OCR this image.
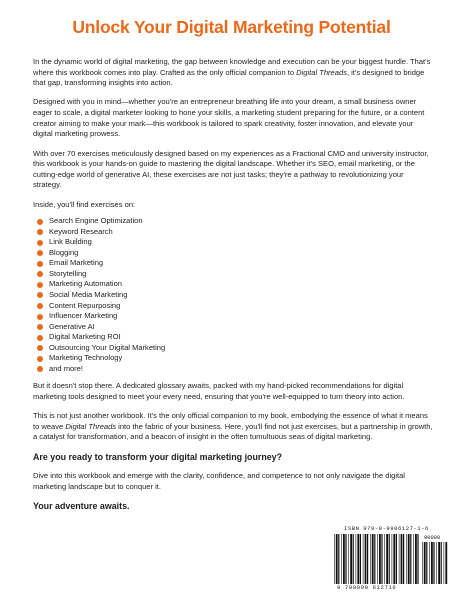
Unlock Your Digital Marketing Potential

In the dynamic world of digital marketing, the gap between knowledge and execution can be your biggest hurdle. That's where this workbook comes into play. Crafted as the only official companion to Digital Threads, it's designed to bridge that gap, transforming insights into action.

Designed with you in mind—whether you're an entrepreneur breathing life into your dream, a small business owner eager to scale, a digital marketer looking to hone your skills, a marketing student preparing for the future, or a content creator aiming to make your mark—this workbook is tailored to spark creativity, foster innovation, and elevate your digital marketing prowess.

With over 70 exercises meticulously designed based on my experiences as a Fractional CMO and university instructor, this workbook is your hands-on guide to mastering the digital landscape. Whether it's SEO, email marketing, or the cutting-edge world of generative AI, these exercises are not just tasks; they're a pathway to revolutionizing your strategy.

Inside, you'll find exercises on:

Search Engine Optimization
Keyword Research
Link Building
Blogging
Email Marketing
Storytelling
Marketing Automation
Social Media Marketing
Content Repurposing
Influencer Marketing
Generative AI
Digital Marketing ROI
Outsourcing Your Digital Marketing
Marketing Technology
and more!

But it doesn't stop there. A dedicated glossary awaits, packed with my hand-picked recommendations for digital marketing tools designed to meet your every need, ensuring that you're well-equipped to turn theory into action.

This is not just another workbook. It's the only official companion to my book, embodying the essence of what it means to weave Digital Threads into the fabric of your business. Here, you'll find not just exercises, but a partnership in growth, a catalyst for transformation, and a beacon of insight in the often tumultuous seas of digital marketing.

Are you ready to transform your digital marketing journey?

Dive into this workbook and emerge with the clarity, confidence, and competence to not only navigate the digital marketing landscape but to conquer it.

Your adventure awaits.

ISBN 979-8-9906127-1-6
90000
9 798990 612716
